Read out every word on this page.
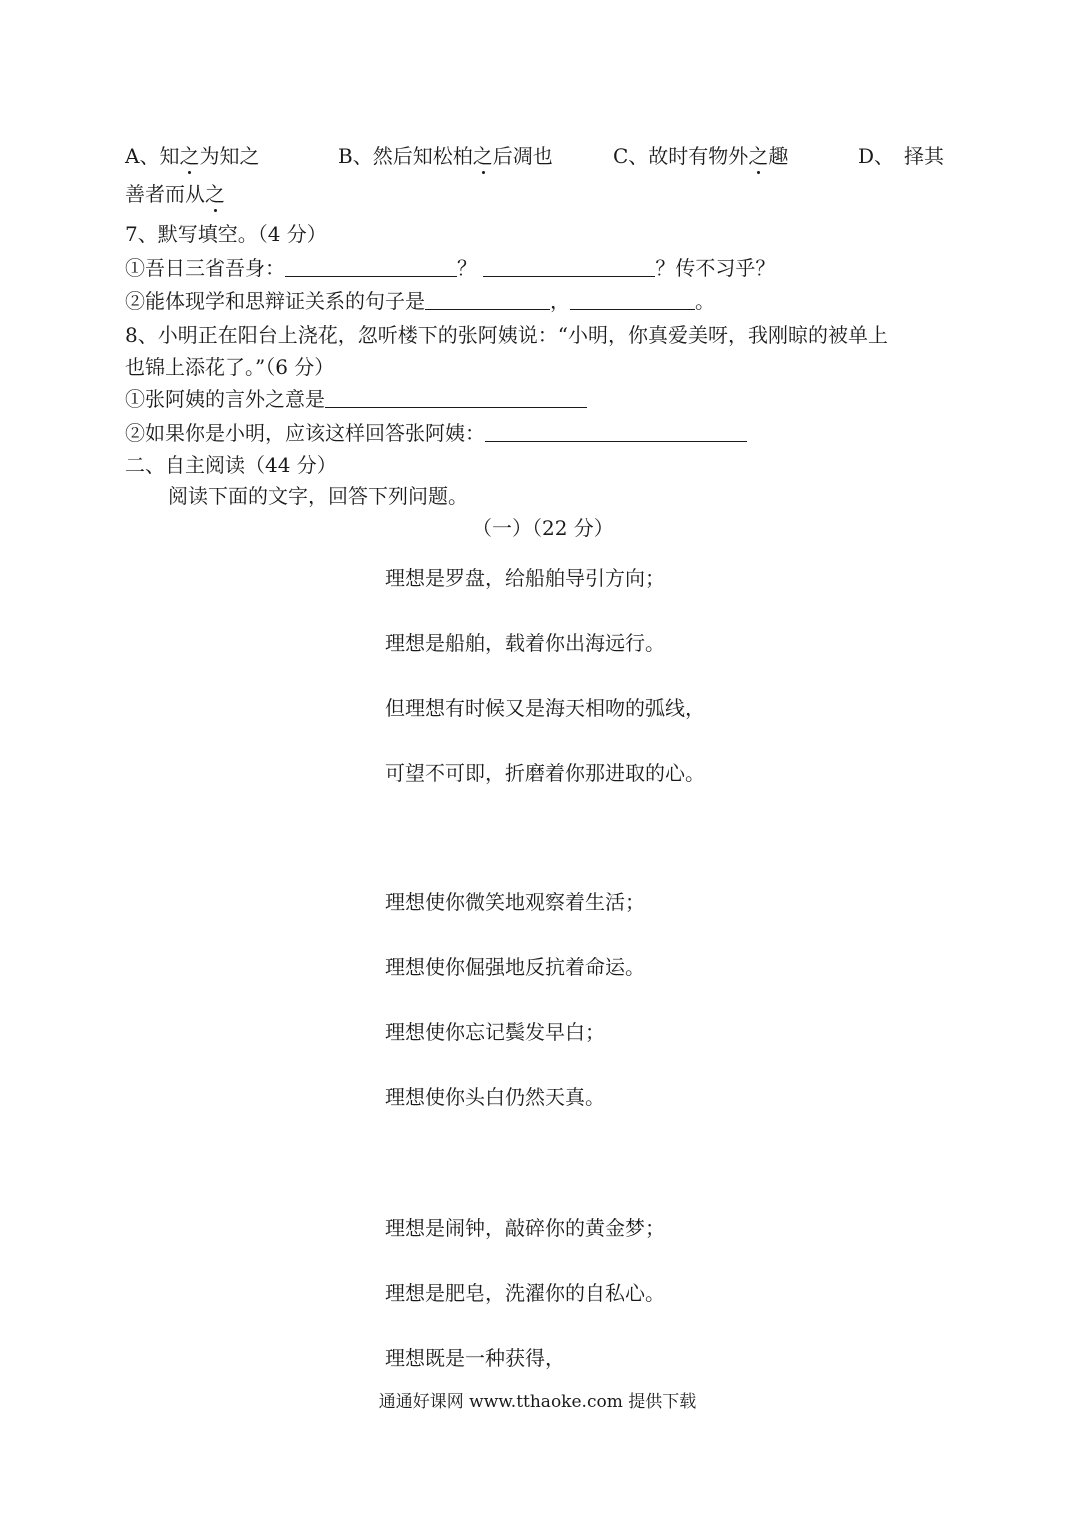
A、知之为知之	B、然后知松柏之后凋也	C、故时有物外之趣	D、　择其
善者而从之
7、默写填空。（4 分）
①吾日三省吾身：	？	？传不习乎？
②能体现学和思辩证关系的句子是	，	。
8、小明正在阳台上浇花，忽听楼下的张阿姨说：“小明，你真爱美呀，我刚晾的被单上
也锦上添花了。”（6 分）
①张阿姨的言外之意是
②如果你是小明，应该这样回答张阿姨：
二、自主阅读（44 分）
阅读下面的文字，回答下列问题。
（一）（22 分）
理想是罗盘，给船舶导引方向；
理想是船舶，载着你出海远行。
但理想有时候又是海天相吻的弧线，
可望不可即，折磨着你那进取的心。
理想使你微笑地观察着生活；
理想使你倔强地反抗着命运。
理想使你忘记鬓发早白；
理想使你头白仍然天真。
理想是闹钟，敲碎你的黄金梦；
理想是肥皂，洗濯你的自私心。
理想既是一种获得，
通通好课网 www.tthaoke.com 提供下载
